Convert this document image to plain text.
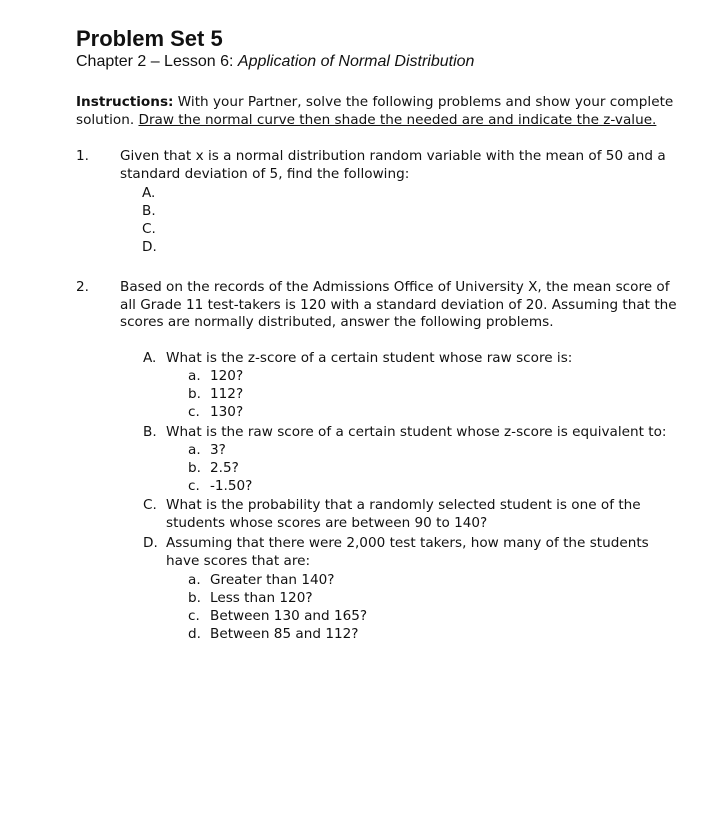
Problem Set 5
Chapter 2 – Lesson 6: Application of Normal Distribution
Instructions: With your Partner, solve the following problems and show your complete
solution. Draw the normal curve then shade the needed are and indicate the z-value.
1. Given that x is a normal distribution random variable with the mean of 50 and a
standard deviation of 5, find the following:
A.
B.
C.
D.
2. Based on the records of the Admissions Office of University X, the mean score of
all Grade 11 test-takers is 120 with a standard deviation of 20. Assuming that the
scores are normally distributed, answer the following problems.
A. What is the z-score of a certain student whose raw score is:
a. 120?
b. 112?
c. 130?
B. What is the raw score of a certain student whose z-score is equivalent to:
a. 3?
b. 2.5?
c. -1.50?
C. What is the probability that a randomly selected student is one of the
students whose scores are between 90 to 140?
D. Assuming that there were 2,000 test takers, how many of the students
have scores that are:
a. Greater than 140?
b. Less than 120?
c. Between 130 and 165?
d. Between 85 and 112?
